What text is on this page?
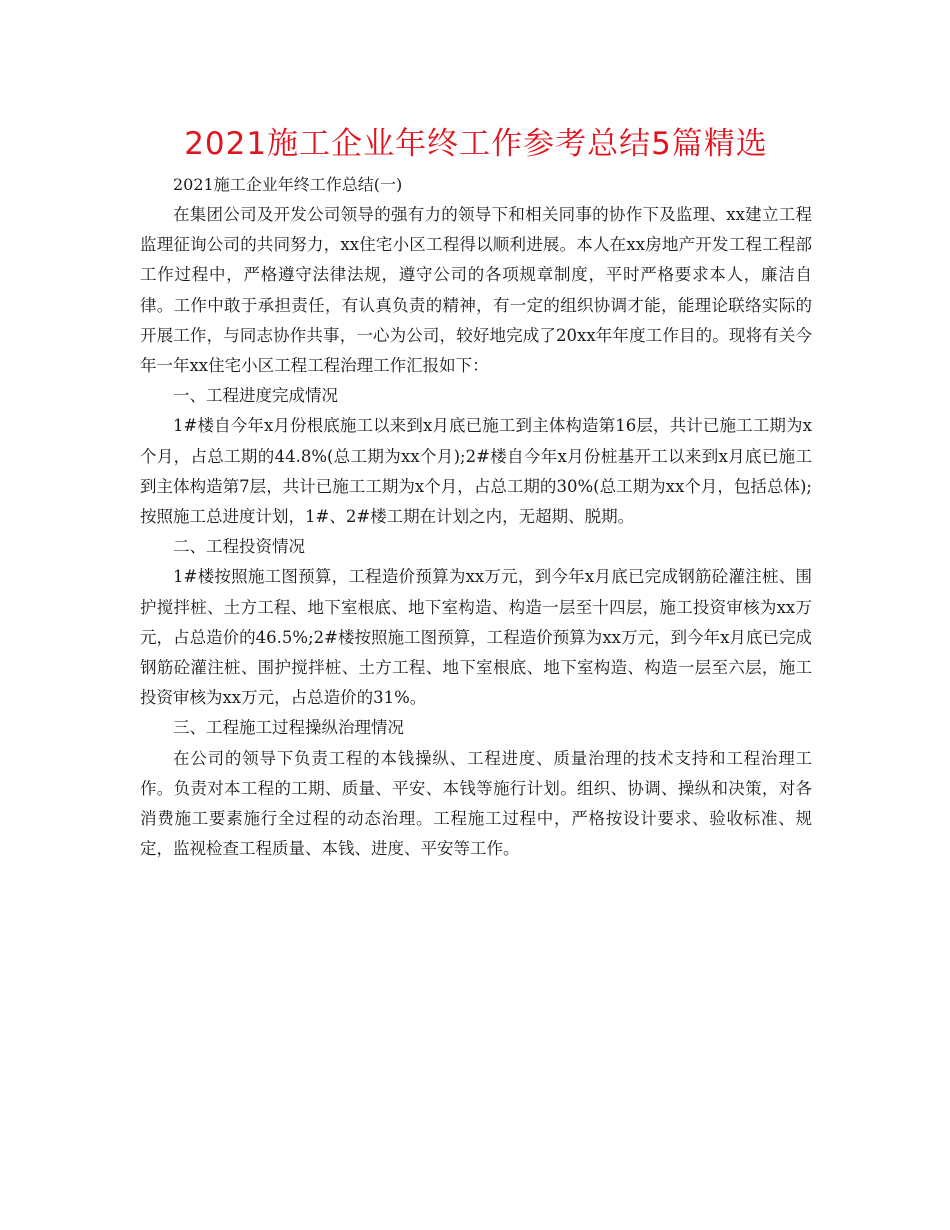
2021施工企业年终工作参考总结5篇精选

2021施工企业年终工作总结(一)

在集团公司及开发公司领导的强有力的领导下和相关同事的协作下及监理、xx建立工程监理征询公司的共同努力，xx住宅小区工程得以顺利进展。本人在xx房地产开发工程工程部工作过程中，严格遵守法律法规，遵守公司的各项规章制度，平时严格要求本人，廉洁自律。工作中敢于承担责任，有认真负责的精神，有一定的组织协调才能，能理论联络实际的开展工作，与同志协作共事，一心为公司，较好地完成了20xx年年度工作目的。现将有关今年一年xx住宅小区工程工程治理工作汇报如下：

一、工程进度完成情况

1#楼自今年x月份根底施工以来到x月底已施工到主体构造第16层，共计已施工工期为x个月，占总工期的44.8%(总工期为xx个月);2#楼自今年x月份桩基开工以来到x月底已施工到主体构造第7层，共计已施工工期为x个月，占总工期的30%(总工期为xx个月，包括总体);按照施工总进度计划，1#、2#楼工期在计划之内，无超期、脱期。

二、工程投资情况

1#楼按照施工图预算，工程造价预算为xx万元，到今年x月底已完成钢筋砼灌注桩、围护搅拌桩、土方工程、地下室根底、地下室构造、构造一层至十四层，施工投资审核为xx万元，占总造价的46.5%;2#楼按照施工图预算，工程造价预算为xx万元，到今年x月底已完成钢筋砼灌注桩、围护搅拌桩、土方工程、地下室根底、地下室构造、构造一层至六层，施工投资审核为xx万元，占总造价的31%。

三、工程施工过程操纵治理情况

在公司的领导下负责工程的本钱操纵、工程进度、质量治理的技术支持和工程治理工作。负责对本工程的工期、质量、平安、本钱等施行计划。组织、协调、操纵和决策，对各消费施工要素施行全过程的动态治理。工程施工过程中，严格按设计要求、验收标准、规定，监视检查工程质量、本钱、进度、平安等工作。
